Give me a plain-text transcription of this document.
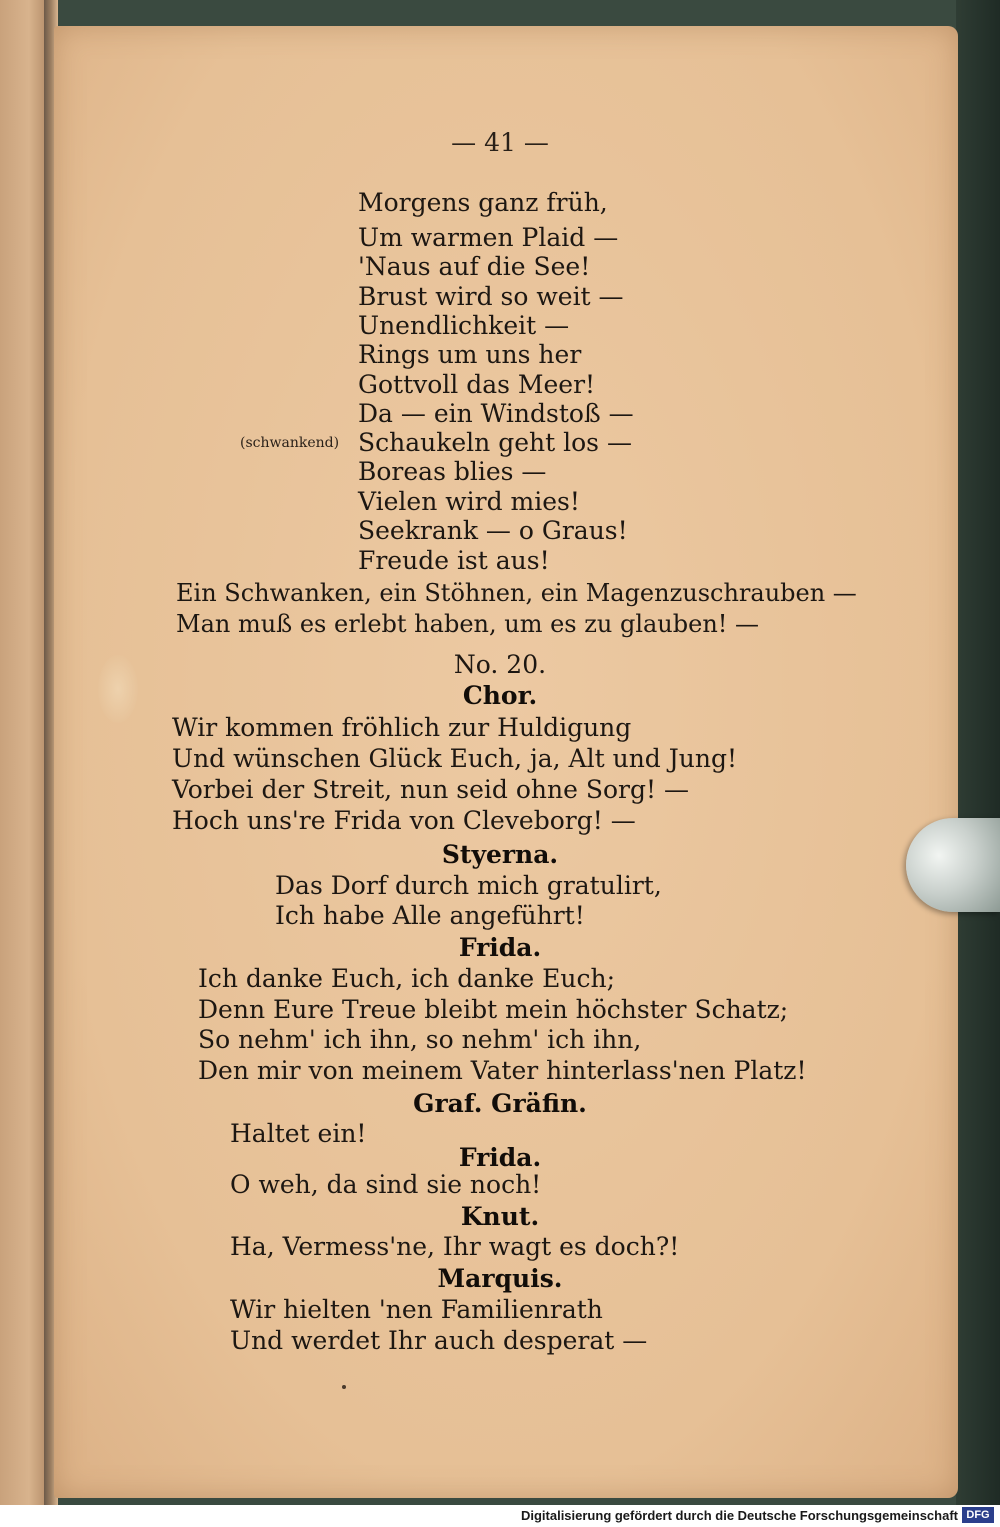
— 41 —
Morgens ganz früh,
Um warmen Plaid —
'Naus auf die See!
Brust wird so weit —
Unendlichkeit —
Rings um uns her
Gottvoll das Meer!
Da — ein Windstoß —
(schwankend) Schaukeln geht los —
Boreas blies —
Vielen wird mies!
Seekrank — o Graus!
Freude ist aus!
Ein Schwanken, ein Stöhnen, ein Magenzuschrauben —
Man muß es erlebt haben, um es zu glauben! —
No. 20.
Chor.
Wir kommen fröhlich zur Huldigung
Und wünschen Glück Euch, ja, Alt und Jung!
Vorbei der Streit, nun seid ohne Sorg! —
Hoch uns're Frida von Cleveborg! —
Styerna.
Das Dorf durch mich gratulirt,
Ich habe Alle angeführt!
Frida.
Ich danke Euch, ich danke Euch;
Denn Eure Treue bleibt mein höchster Schatz;
So nehm' ich ihn, so nehm' ich ihn,
Den mir von meinem Vater hinterlass'nen Platz!
Graf. Gräfin.
Haltet ein!
Frida.
O weh, da sind sie noch!
Knut.
Ha, Vermess'ne, Ihr wagt es doch?!
Marquis.
Wir hielten 'nen Familienrath
Und werdet Ihr auch desperat —
Digitalisierung gefördert durch die Deutsche Forschungsgemeinschaft DFG
